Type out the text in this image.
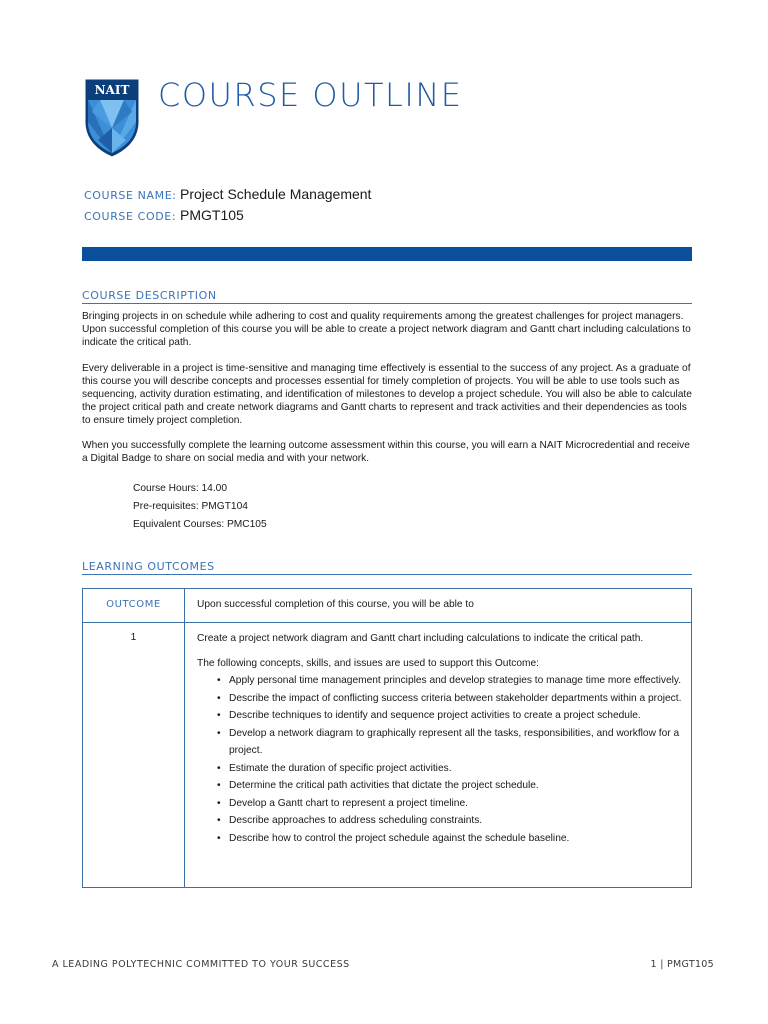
NAIT COURSE OUTLINE
COURSE NAME: Project Schedule Management
COURSE CODE: PMGT105
COURSE DESCRIPTION
Bringing projects in on schedule while adhering to cost and quality requirements among the greatest challenges for project managers. Upon successful completion of this course you will be able to create a project network diagram and Gantt chart including calculations to indicate the critical path.
Every deliverable in a project is time-sensitive and managing time effectively is essential to the success of any project. As a graduate of this course you will describe concepts and processes essential for timely completion of projects. You will be able to use tools such as sequencing, activity duration estimating, and identification of milestones to develop a project schedule. You will also be able to calculate the project critical path and create network diagrams and Gantt charts to represent and track activities and their dependencies as tools to ensure timely project completion.
When you successfully complete the learning outcome assessment within this course, you will earn a NAIT Microcredential and receive a Digital Badge to share on social media and with your network.
Course Hours: 14.00
Pre-requisites: PMGT104
Equivalent Courses: PMC105
LEARNING OUTCOMES
OUTCOME	Upon successful completion of this course, you will be able to
1	Create a project network diagram and Gantt chart including calculations to indicate the critical path.
The following concepts, skills, and issues are used to support this Outcome:
• Apply personal time management principles and develop strategies to manage time more effectively.
• Describe the impact of conflicting success criteria between stakeholder departments within a project.
• Describe techniques to identify and sequence project activities to create a project schedule.
• Develop a network diagram to graphically represent all the tasks, responsibilities, and workflow for a project.
• Estimate the duration of specific project activities.
• Determine the critical path activities that dictate the project schedule.
• Develop a Gantt chart to represent a project timeline.
• Describe approaches to address scheduling constraints.
• Describe how to control the project schedule against the schedule baseline.
A LEADING POLYTECHNIC COMMITTED TO YOUR SUCCESS	1 | PMGT105
